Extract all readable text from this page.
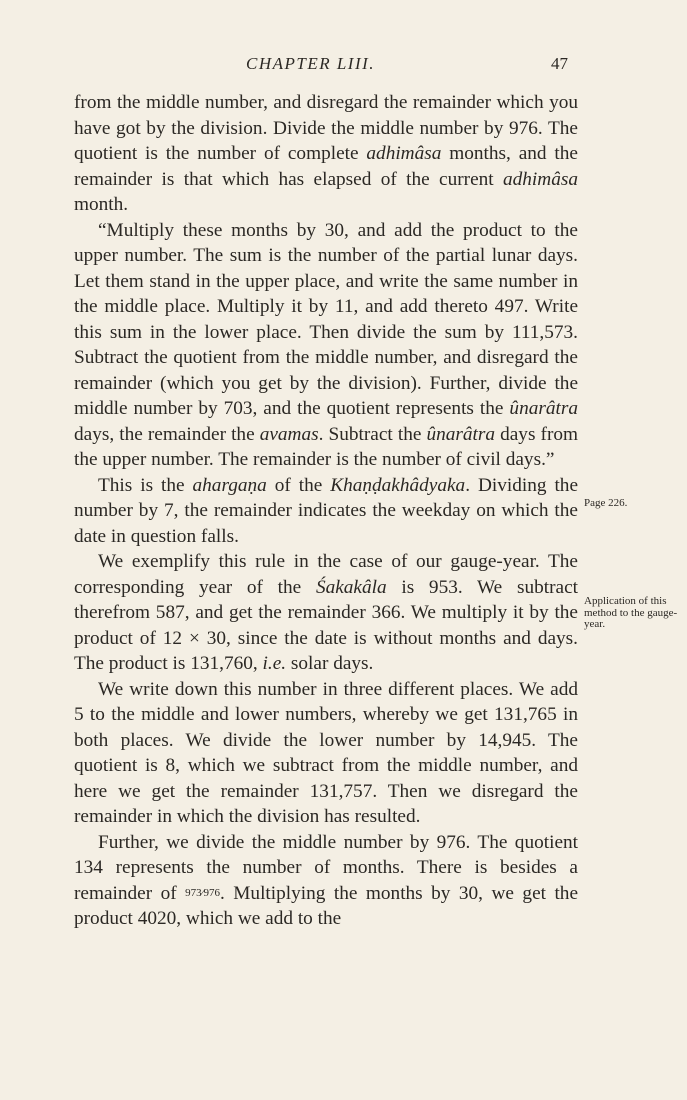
CHAPTER LIII.	47

from the middle number, and disregard the remainder which you have got by the division. Divide the middle number by 976. The quotient is the number of complete adhimâsa months, and the remainder is that which has elapsed of the current adhimâsa month.

“Multiply these months by 30, and add the product to the upper number. The sum is the number of the partial lunar days. Let them stand in the upper place, and write the same number in the middle place. Multiply it by 11, and add thereto 497. Write this sum in the lower place. Then divide the sum by 111,573. Subtract the quotient from the middle number, and disregard the remainder (which you get by the division). Further, divide the middle number by 703, and the quotient represents the ûnarâtra days, the remainder the avamas. Subtract the ûnarâtra days from the upper number. The remainder is the number of civil days.”

This is the ahargaṇa of the Khaṇḍakhâdyaka. Dividing the number by 7, the remainder indicates the weekday on which the date in question falls.

We exemplify this rule in the case of our gauge-year. The corresponding year of the Śakakâla is 953. We subtract therefrom 587, and get the remainder 366. We multiply it by the product of 12 × 30, since the date is without months and days. The product is 131,760, i.e. solar days.

We write down this number in three different places. We add 5 to the middle and lower numbers, whereby we get 131,765 in both places. We divide the lower number by 14,945. The quotient is 8, which we subtract from the middle number, and here we get the remainder 131,757. Then we disregard the remainder in which the division has resulted.

Further, we divide the middle number by 976. The quotient 134 represents the number of months. There is besides a remainder of 973⁄976. Multiplying the months by 30, we get the product 4020, which we add to the

Page 226.
Application of this method to the gauge-year.
